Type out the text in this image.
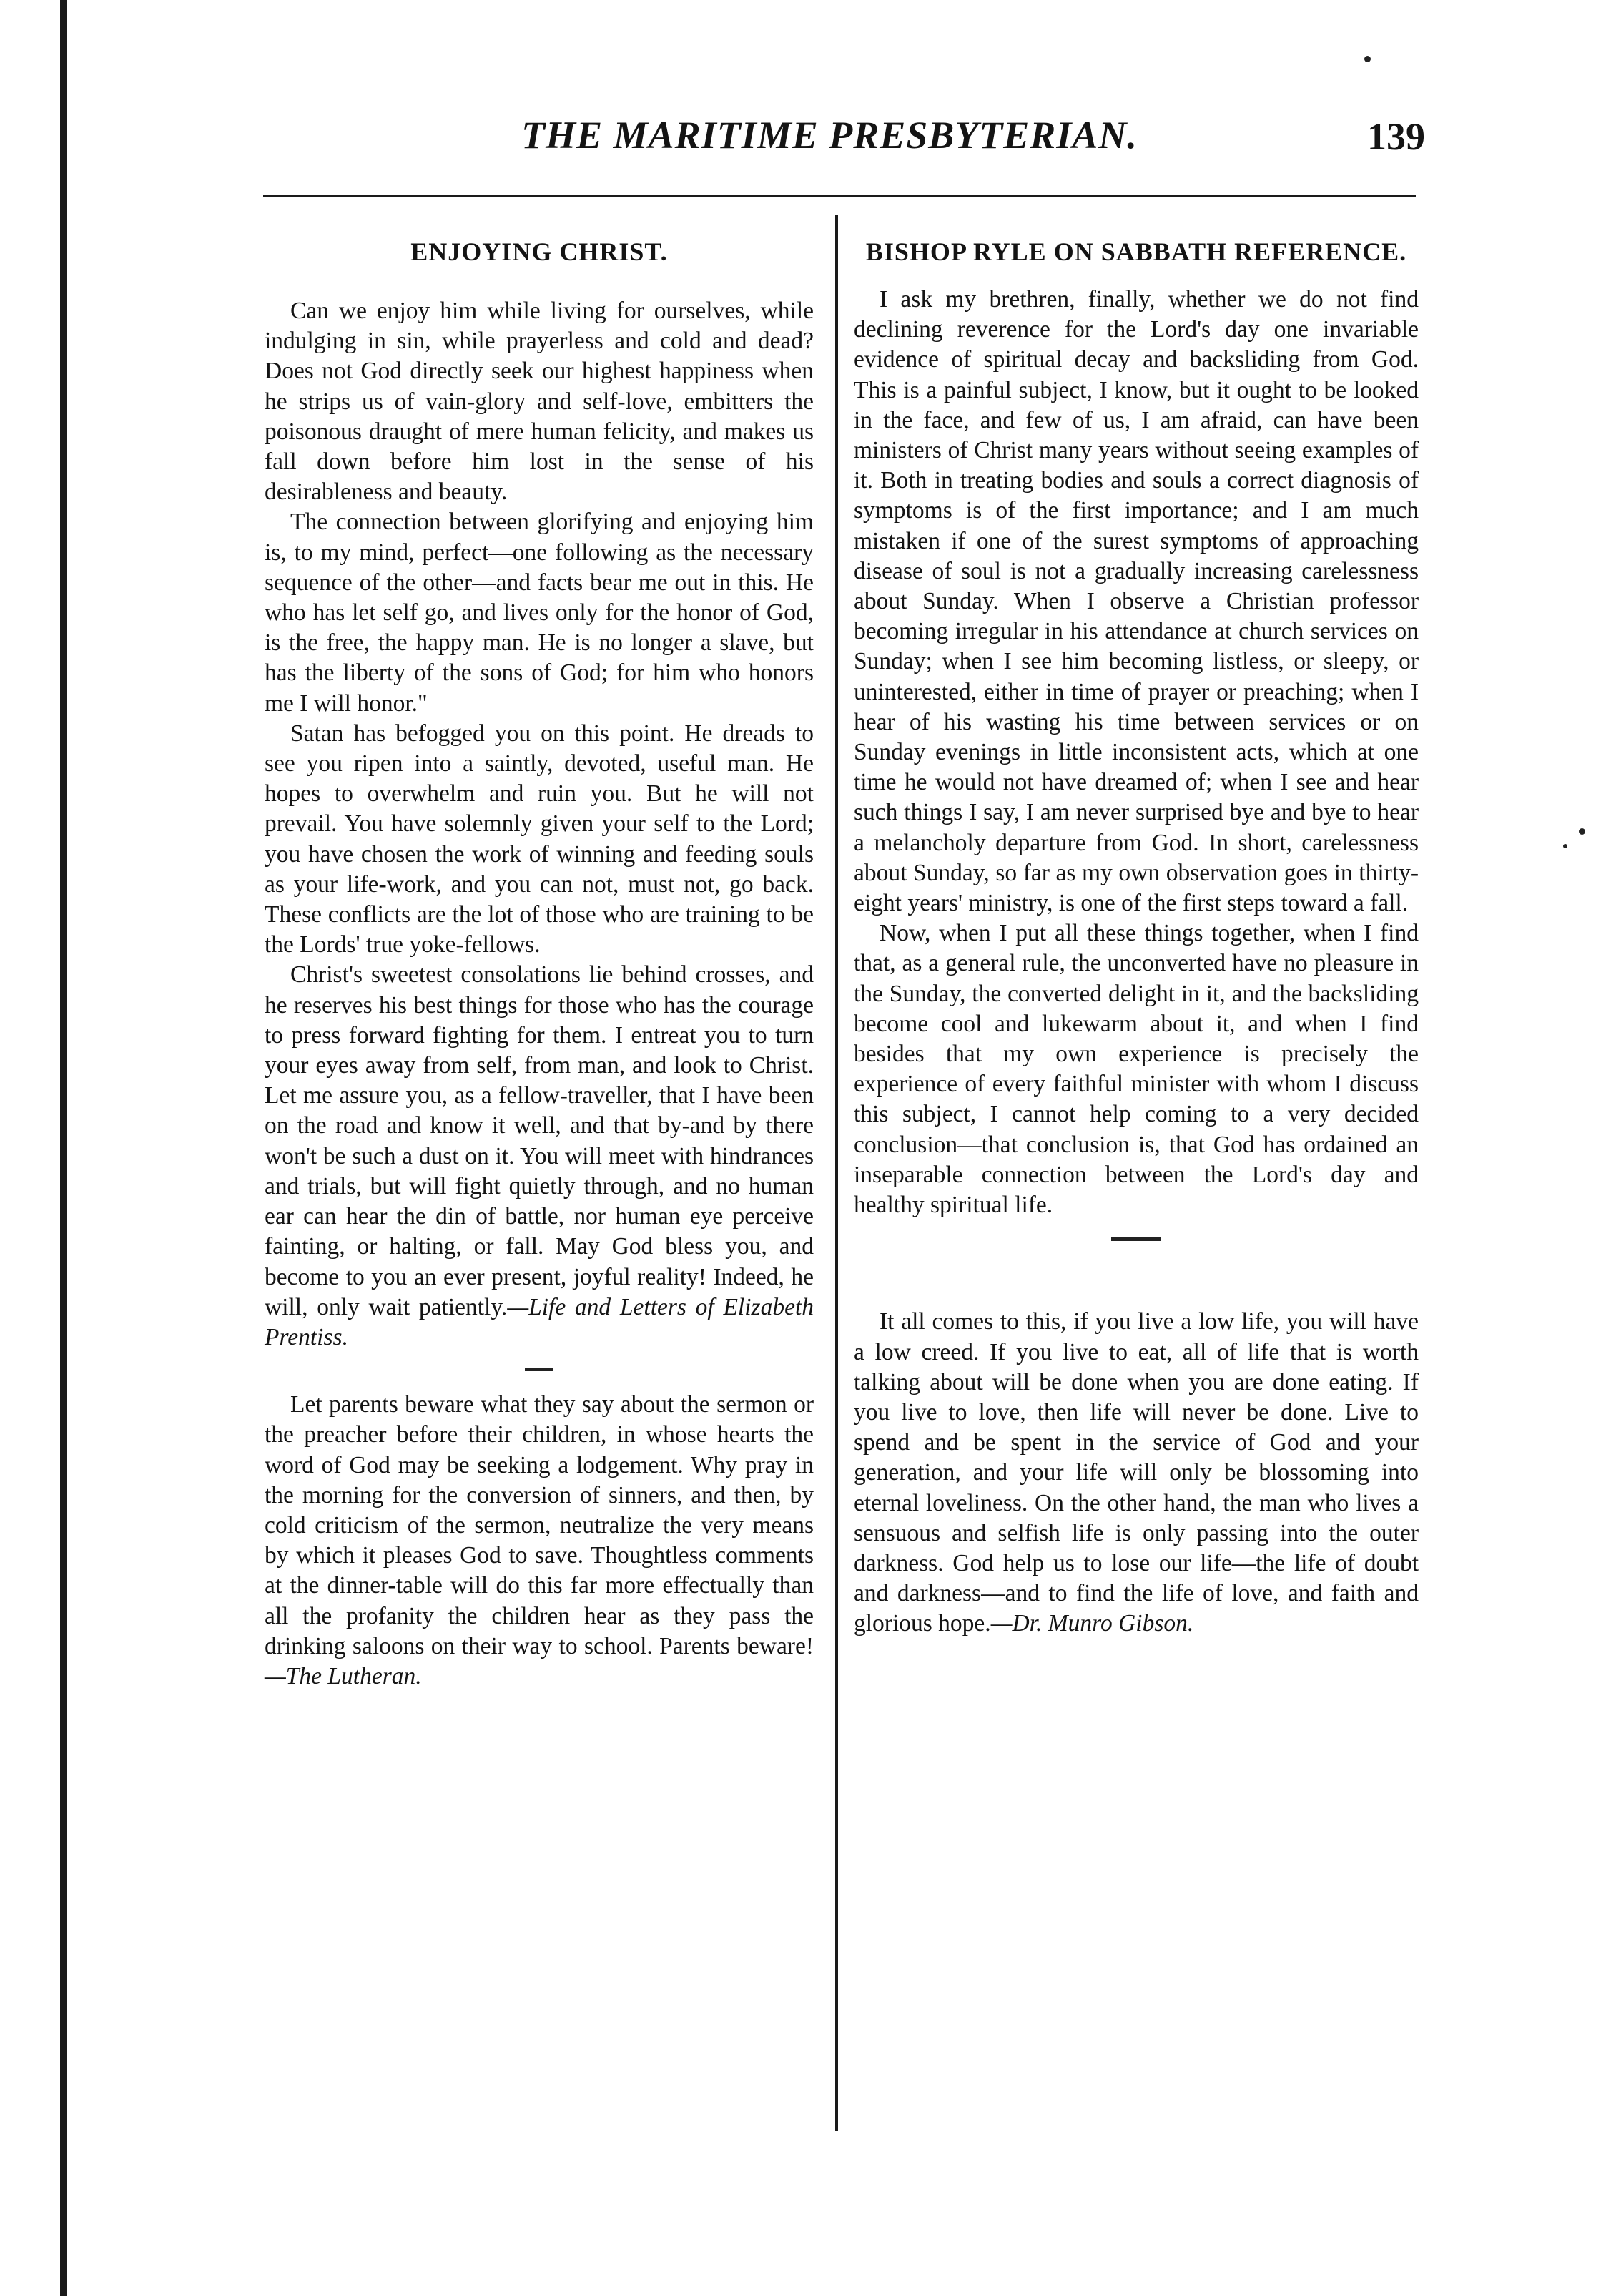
THE MARITIME PRESBYTERIAN.	139
ENJOYING CHRIST.

Can we enjoy him while living for ourselves, while indulging in sin, while prayerless and cold and dead? Does not God directly seek our highest happiness when he strips us of vain-glory and self-love, embitters the poisonous draught of mere human felicity, and makes us fall down before him lost in the sense of his desirableness and beauty.

The connection between glorifying and enjoying him is, to my mind, perfect—one following as the necessary sequence of the other—and facts bear me out in this. He who has let self go, and lives only for the honor of God, is the free, the happy man. He is no longer a slave, but has the liberty of the sons of God; for him who honors me I will honor."

Satan has befogged you on this point. He dreads to see you ripen into a saintly, devoted, useful man. He hopes to overwhelm and ruin you. But he will not prevail. You have solemnly given your self to the Lord; you have chosen the work of winning and feeding souls as your life-work, and you can not, must not, go back. These conflicts are the lot of those who are training to be the Lords' true yoke-fellows.

Christ's sweetest consolations lie behind crosses, and he reserves his best things for those who has the courage to press forward fighting for them. I entreat you to turn your eyes away from self, from man, and look to Christ. Let me assure you, as a fellow-traveller, that I have been on the road and know it well, and that by-and by there won't be such a dust on it. You will meet with hindrances and trials, but will fight quietly through, and no human ear can hear the din of battle, nor human eye perceive fainting, or halting, or fall. May God bless you, and become to you an ever present, joyful reality! Indeed, he will, only wait patiently.—Life and Letters of Elizabeth Prentiss.

Let parents beware what they say about the sermon or the preacher before their children, in whose hearts the word of God may be seeking a lodgement. Why pray in the morning for the conversion of sinners, and then, by cold criticism of the sermon, neutralize the very means by which it pleases God to save. Thoughtless comments at the dinner-table will do this far more effectually than all the profanity the children hear as they pass the drinking saloons on their way to school. Parents beware!—The Lutheran.

BISHOP RYLE ON SABBATH REFERENCE.

I ask my brethren, finally, whether we do not find declining reverence for the Lord's day one invariable evidence of spiritual decay and backsliding from God. This is a painful subject, I know, but it ought to be looked in the face, and few of us, I am afraid, can have been ministers of Christ many years without seeing examples of it. Both in treating bodies and souls a correct diagnosis of symptoms is of the first importance; and I am much mistaken if one of the surest symptoms of approaching disease of soul is not a gradually increasing carelessness about Sunday. When I observe a Christian professor becoming irregular in his attendance at church services on Sunday; when I see him becoming listless, or sleepy, or uninterested, either in time of prayer or preaching; when I hear of his wasting his time between services or on Sunday evenings in little inconsistent acts, which at one time he would not have dreamed of; when I see and hear such things I say, I am never surprised bye and bye to hear a melancholy departure from God. In short, carelessness about Sunday, so far as my own observation goes in thirty-eight years' ministry, is one of the first steps toward a fall.

Now, when I put all these things together, when I find that, as a general rule, the unconverted have no pleasure in the Sunday, the converted delight in it, and the backsliding become cool and lukewarm about it, and when I find besides that my own experience is precisely the experience of every faithful minister with whom I discuss this subject, I cannot help coming to a very decided conclusion—that conclusion is, that God has ordained an inseparable connection between the Lord's day and healthy spiritual life.

It all comes to this, if you live a low life, you will have a low creed. If you live to eat, all of life that is worth talking about will be done when you are done eating. If you live to love, then life will never be done. Live to spend and be spent in the service of God and your generation, and your life will only be blossoming into eternal loveliness. On the other hand, the man who lives a sensuous and selfish life is only passing into the outer darkness. God help us to lose our life—the life of doubt and darkness—and to find the life of love, and faith and glorious hope.—Dr. Munro Gibson.
